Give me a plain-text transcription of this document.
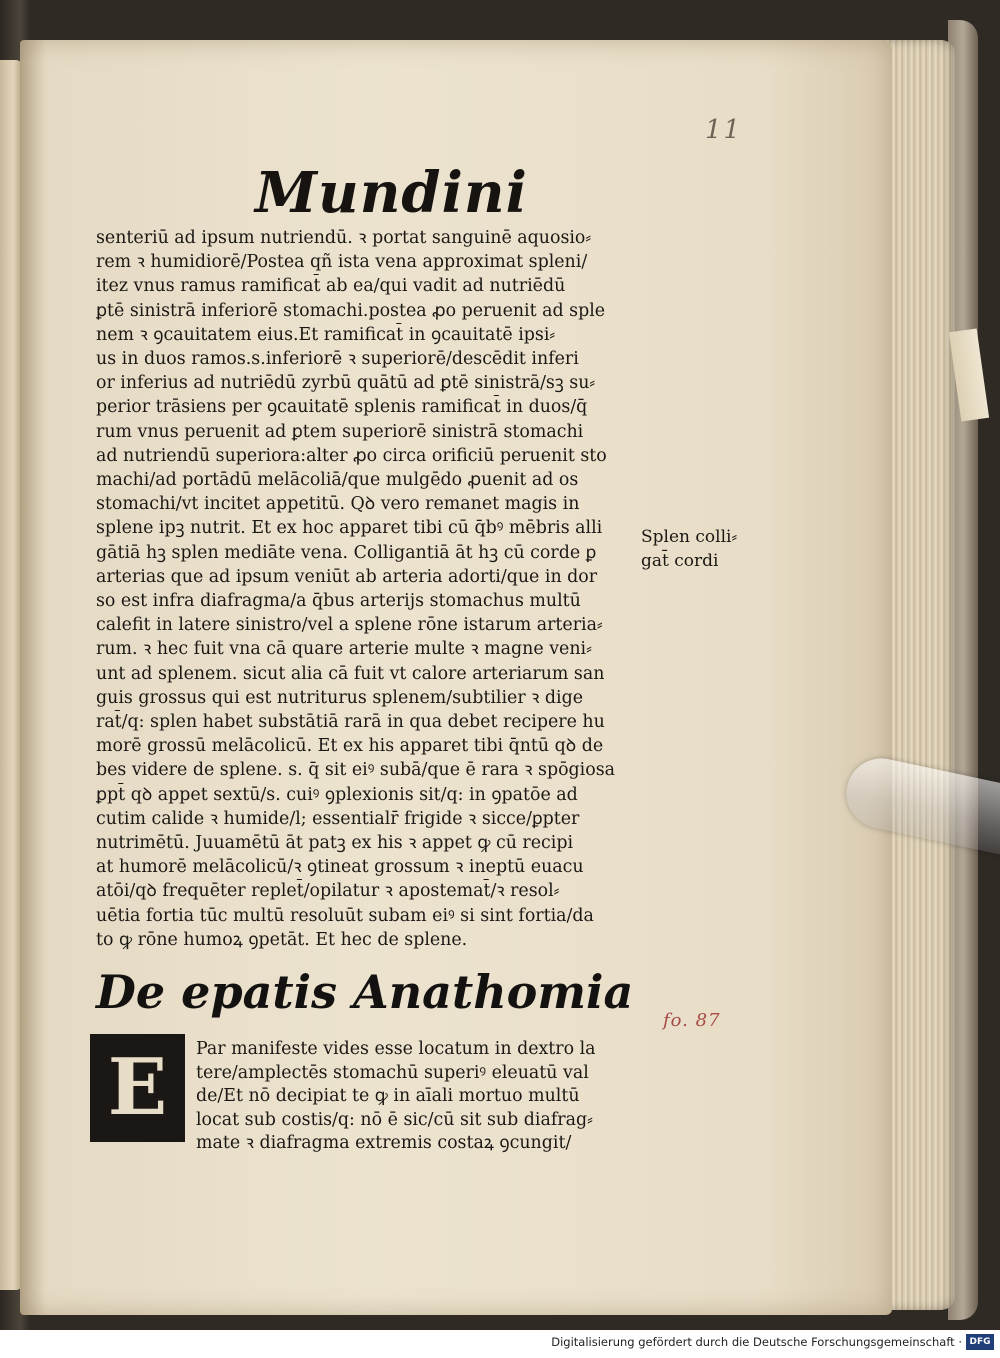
11
Mundini
senteriū ad ipsum nutriendū. ꝛ portat sanguinē aquosio⸗
rem ꝛ humidiorē/Postea qñ ista vena approximat spleni/
itez vnus ramus ramificat̄ ab ea/qui vadit ad nutriēdū
ꝑtē sinistrā inferiorē stomachi.postea ꝓo peruenit ad sple
nem ꝛ ꝯcauitatem eius.Et ramificat̄ in ꝯcauitatē ipsi⸗
us in duos ramos.s.inferiorē ꝛ superiorē/descēdit inferi
or inferius ad nutriēdū zyrbū quātū ad ꝑtē sinistrā/sꝫ su⸗
perior trāsiens per ꝯcauitatē splenis ramificat̄ in duos/q̄
rum vnus peruenit ad ꝑtem superiorē sinistrā stomachi
ad nutriendū superiora:alter ꝓo circa orificiū peruenit sto
machi/ad portādū melācoliā/que mulgēdo ꝓuenit ad os
stomachi/vt incitet appetitū. Qꝺ vero remanet magis in
splene ipꝫ nutrit. Et ex hoc apparet tibi cū q̄bꝰ mēbris alli
gātiā hꝫ splen mediāte vena. Colligantiā āt hꝫ cū corde ꝑ
arterias que ad ipsum veniūt ab arteria adorti/que in dor
so est infra diafragma/a q̄bus arterijs stomachus multū
calefit in latere sinistro/vel a splene rōne istarum arteria⸗
rum. ꝛ hec fuit vna cā quare arterie multe ꝛ magne veni⸗
unt ad splenem. sicut alia cā fuit vt calore arteriarum san
guis grossus qui est nutriturus splenem/subtilier ꝛ dige
rat̄/q: splen habet substātiā rarā in qua debet recipere hu
morē grossū melācolicū. Et ex his apparet tibi q̄ntū qꝺ de
bes videre de splene. s. q̄ sit eiꝰ subā/que ē rara ꝛ spōgiosa
ꝑpt̄ qꝺ appet sextū/s. cuiꝰ ꝯplexionis sit/q: in ꝯpatōe ad
cutim calide ꝛ humide/l; essentialr̄ frigide ꝛ sicce/ꝑpter
nutrimētū. Juuamētū āt patꝫ ex his ꝛ appet ꝙ cū recipi
at humorē melācolicū/ꝛ ꝯtineat grossum ꝛ ineptū euacu
atōi/qꝺ frequēter replet̄/opilatur ꝛ apostemat̄/ꝛ resol⸗
uētia fortia tūc multū resoluūt subam eiꝰ si sint fortia/da
to ꝙ rōne humoꝝ ꝯpetāt. Et hec de splene.
Splen colli⸗
gat̄ cordi
De epatis Anathomia
E Par manifeste vides esse locatum in dextro la
tere/amplectēs stomachū superiꝰ eleuatū val
de/Et nō decipiat te ꝙ in aīali mortuo multū
locat̄ sub costis/q: nō ē sic/cū sit sub diafrag⸗
mate ꝛ diafragma extremis costaꝝ ꝯcungit̄/
fo. 87
Digitalisierung gefördert durch die Deutsche Forschungsgemeinschaft · DFG
